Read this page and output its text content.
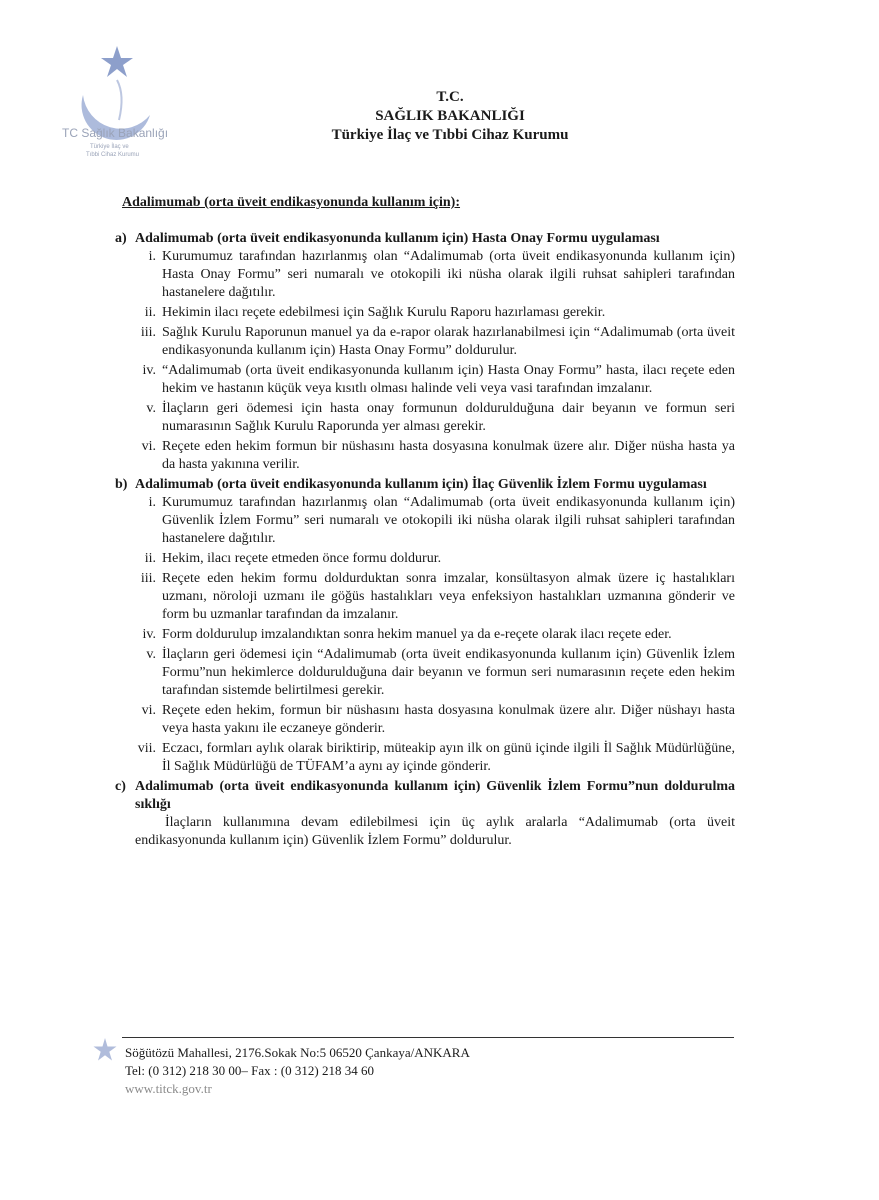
TC Sağlık Bakanlığı
Türkiye İlaç ve
Tıbbi Cihaz Kurumu
T.C.
SAĞLIK BAKANLIĞI
Türkiye İlaç ve Tıbbi Cihaz Kurumu
Adalimumab (orta üveit endikasyonunda kullanım için):
a) Adalimumab (orta üveit endikasyonunda kullanım için) Hasta Onay Formu uygulaması
i. Kurumumuz tarafından hazırlanmış olan “Adalimumab (orta üveit endikasyonunda kullanım için) Hasta Onay Formu” seri numaralı ve otokopili iki nüsha olarak ilgili ruhsat sahipleri tarafından hastanelere dağıtılır.
ii. Hekimin ilacı reçete edebilmesi için Sağlık Kurulu Raporu hazırlaması gerekir.
iii. Sağlık Kurulu Raporunun manuel ya da e-rapor olarak hazırlanabilmesi için “Adalimumab (orta üveit endikasyonunda kullanım için) Hasta Onay Formu” doldurulur.
iv. “Adalimumab (orta üveit endikasyonunda kullanım için) Hasta Onay Formu” hasta, ilacı reçete eden hekim ve hastanın küçük veya kısıtlı olması halinde veli veya vasi tarafından imzalanır.
v. İlaçların geri ödemesi için hasta onay formunun doldurulduğuna dair beyanın ve formun seri numarasının Sağlık Kurulu Raporunda yer alması gerekir.
vi. Reçete eden hekim formun bir nüshasını hasta dosyasına konulmak üzere alır. Diğer nüsha hasta ya da hasta yakınına verilir.
b) Adalimumab (orta üveit endikasyonunda kullanım için) İlaç Güvenlik İzlem Formu uygulaması
i. Kurumumuz tarafından hazırlanmış olan “Adalimumab (orta üveit endikasyonunda kullanım için) Güvenlik İzlem Formu” seri numaralı ve otokopili iki nüsha olarak ilgili ruhsat sahipleri tarafından hastanelere dağıtılır.
ii. Hekim, ilacı reçete etmeden önce formu doldurur.
iii. Reçete eden hekim formu doldurduktan sonra imzalar, konsültasyon almak üzere iç hastalıkları uzmanı, nöroloji uzmanı ile göğüs hastalıkları veya enfeksiyon hastalıkları uzmanına gönderir ve form bu uzmanlar tarafından da imzalanır.
iv. Form doldurulup imzalandıktan sonra hekim manuel ya da e-reçete olarak ilacı reçete eder.
v. İlaçların geri ödemesi için “Adalimumab (orta üveit endikasyonunda kullanım için) Güvenlik İzlem Formu”nun hekimlerce doldurulduğuna dair beyanın ve formun seri numarasının reçete eden hekim tarafından sistemde belirtilmesi gerekir.
vi. Reçete eden hekim, formun bir nüshasını hasta dosyasına konulmak üzere alır. Diğer nüshayı hasta veya hasta yakını ile eczaneye gönderir.
vii. Eczacı, formları aylık olarak biriktirip, müteakip ayın ilk on günü içinde ilgili İl Sağlık Müdürlüğüne, İl Sağlık Müdürlüğü de TÜFAM’a aynı ay içinde gönderir.
c) Adalimumab (orta üveit endikasyonunda kullanım için) Güvenlik İzlem Formu”nun doldurulma sıklığı
İlaçların kullanımına devam edilebilmesi için üç aylık aralarla “Adalimumab (orta üveit endikasyonunda kullanım için) Güvenlik İzlem Formu” doldurulur.
Söğütözü Mahallesi, 2176.Sokak No:5 06520 Çankaya/ANKARA
Tel: (0 312) 218 30 00– Fax : (0 312) 218 34 60
www.titck.gov.tr
